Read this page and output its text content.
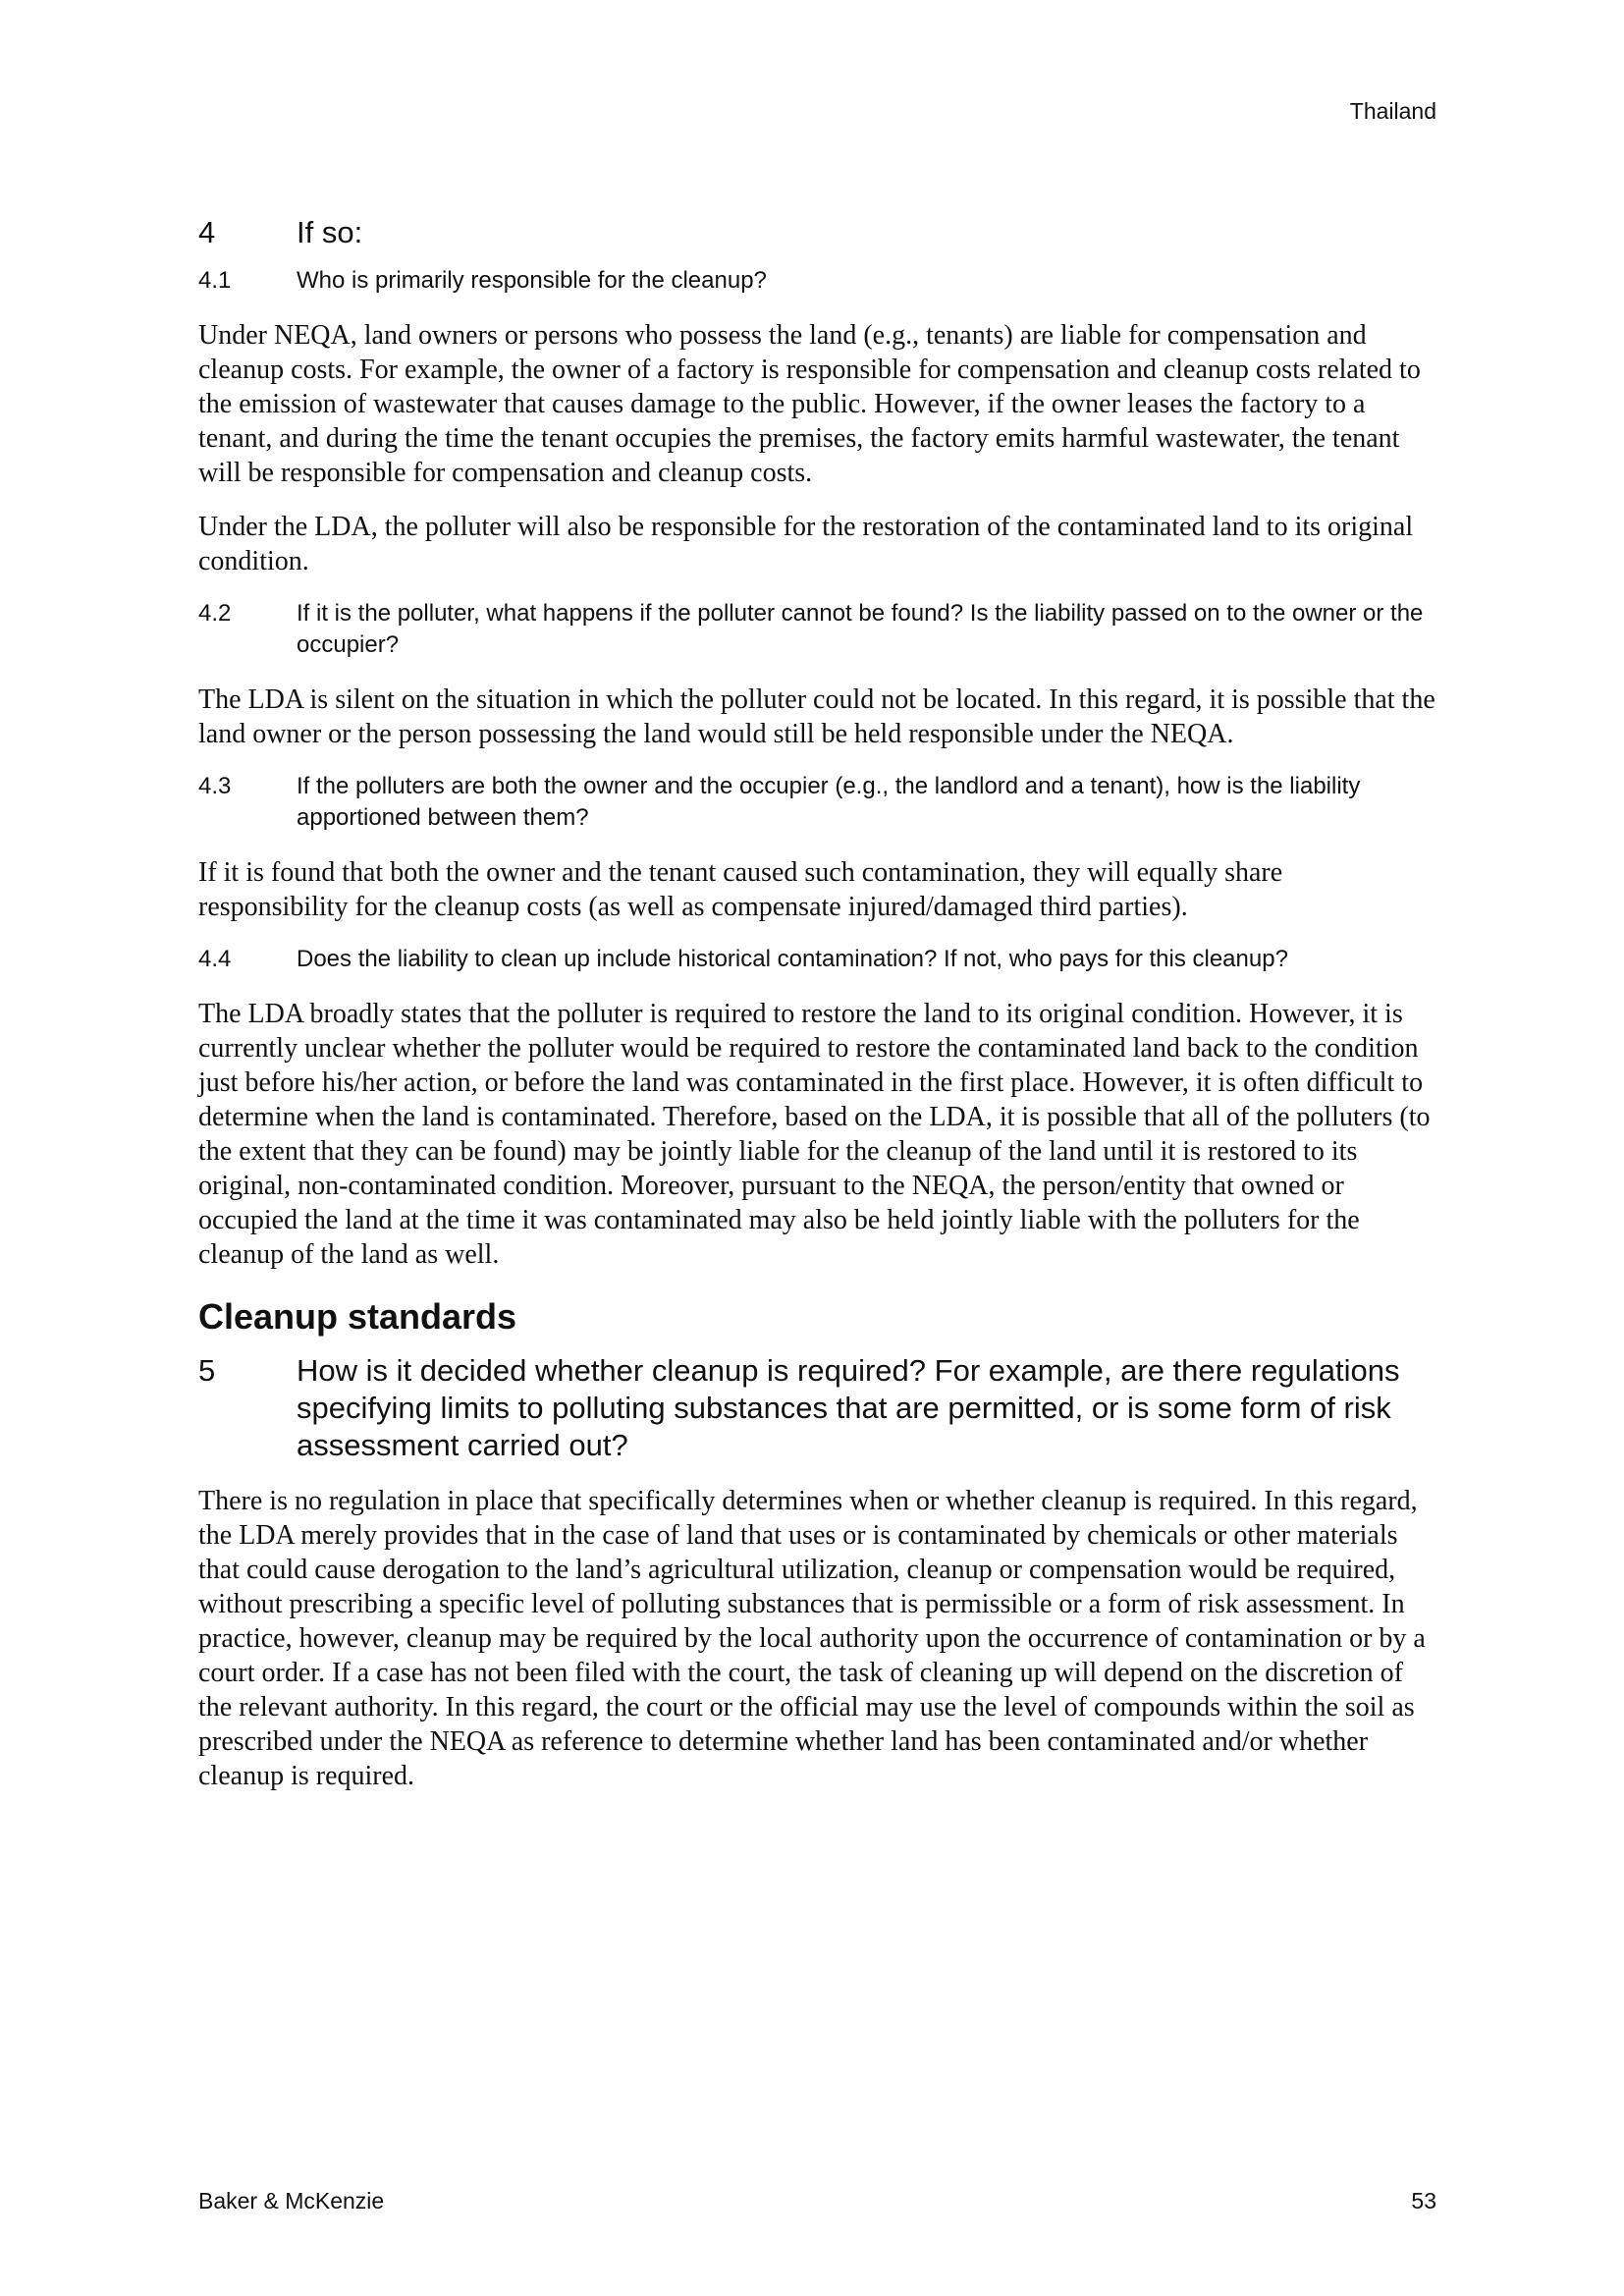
Thailand
4	If so:
4.1	Who is primarily responsible for the cleanup?

Under NEQA, land owners or persons who possess the land (e.g., tenants) are liable for compensation and cleanup costs. For example, the owner of a factory is responsible for compensation and cleanup costs related to the emission of wastewater that causes damage to the public. However, if the owner leases the factory to a tenant, and during the time the tenant occupies the premises, the factory emits harmful wastewater, the tenant will be responsible for compensation and cleanup costs.

Under the LDA, the polluter will also be responsible for the restoration of the contaminated land to its original condition.

4.2	If it is the polluter, what happens if the polluter cannot be found? Is the liability passed on to the owner or the occupier?

The LDA is silent on the situation in which the polluter could not be located. In this regard, it is possible that the land owner or the person possessing the land would still be held responsible under the NEQA.

4.3	If the polluters are both the owner and the occupier (e.g., the landlord and a tenant), how is the liability apportioned between them?

If it is found that both the owner and the tenant caused such contamination, they will equally share responsibility for the cleanup costs (as well as compensate injured/damaged third parties).

4.4	Does the liability to clean up include historical contamination? If not, who pays for this cleanup?

The LDA broadly states that the polluter is required to restore the land to its original condition. However, it is currently unclear whether the polluter would be required to restore the contaminated land back to the condition just before his/her action, or before the land was contaminated in the first place. However, it is often difficult to determine when the land is contaminated. Therefore, based on the LDA, it is possible that all of the polluters (to the extent that they can be found) may be jointly liable for the cleanup of the land until it is restored to its original, non-contaminated condition. Moreover, pursuant to the NEQA, the person/entity that owned or occupied the land at the time it was contaminated may also be held jointly liable with the polluters for the cleanup of the land as well.

Cleanup standards
5	How is it decided whether cleanup is required? For example, are there regulations specifying limits to polluting substances that are permitted, or is some form of risk assessment carried out?

There is no regulation in place that specifically determines when or whether cleanup is required. In this regard, the LDA merely provides that in the case of land that uses or is contaminated by chemicals or other materials that could cause derogation to the land’s agricultural utilization, cleanup or compensation would be required, without prescribing a specific level of polluting substances that is permissible or a form of risk assessment. In practice, however, cleanup may be required by the local authority upon the occurrence of contamination or by a court order. If a case has not been filed with the court, the task of cleaning up will depend on the discretion of the relevant authority. In this regard, the court or the official may use the level of compounds within the soil as prescribed under the NEQA as reference to determine whether land has been contaminated and/or whether cleanup is required.

Baker & McKenzie	53
